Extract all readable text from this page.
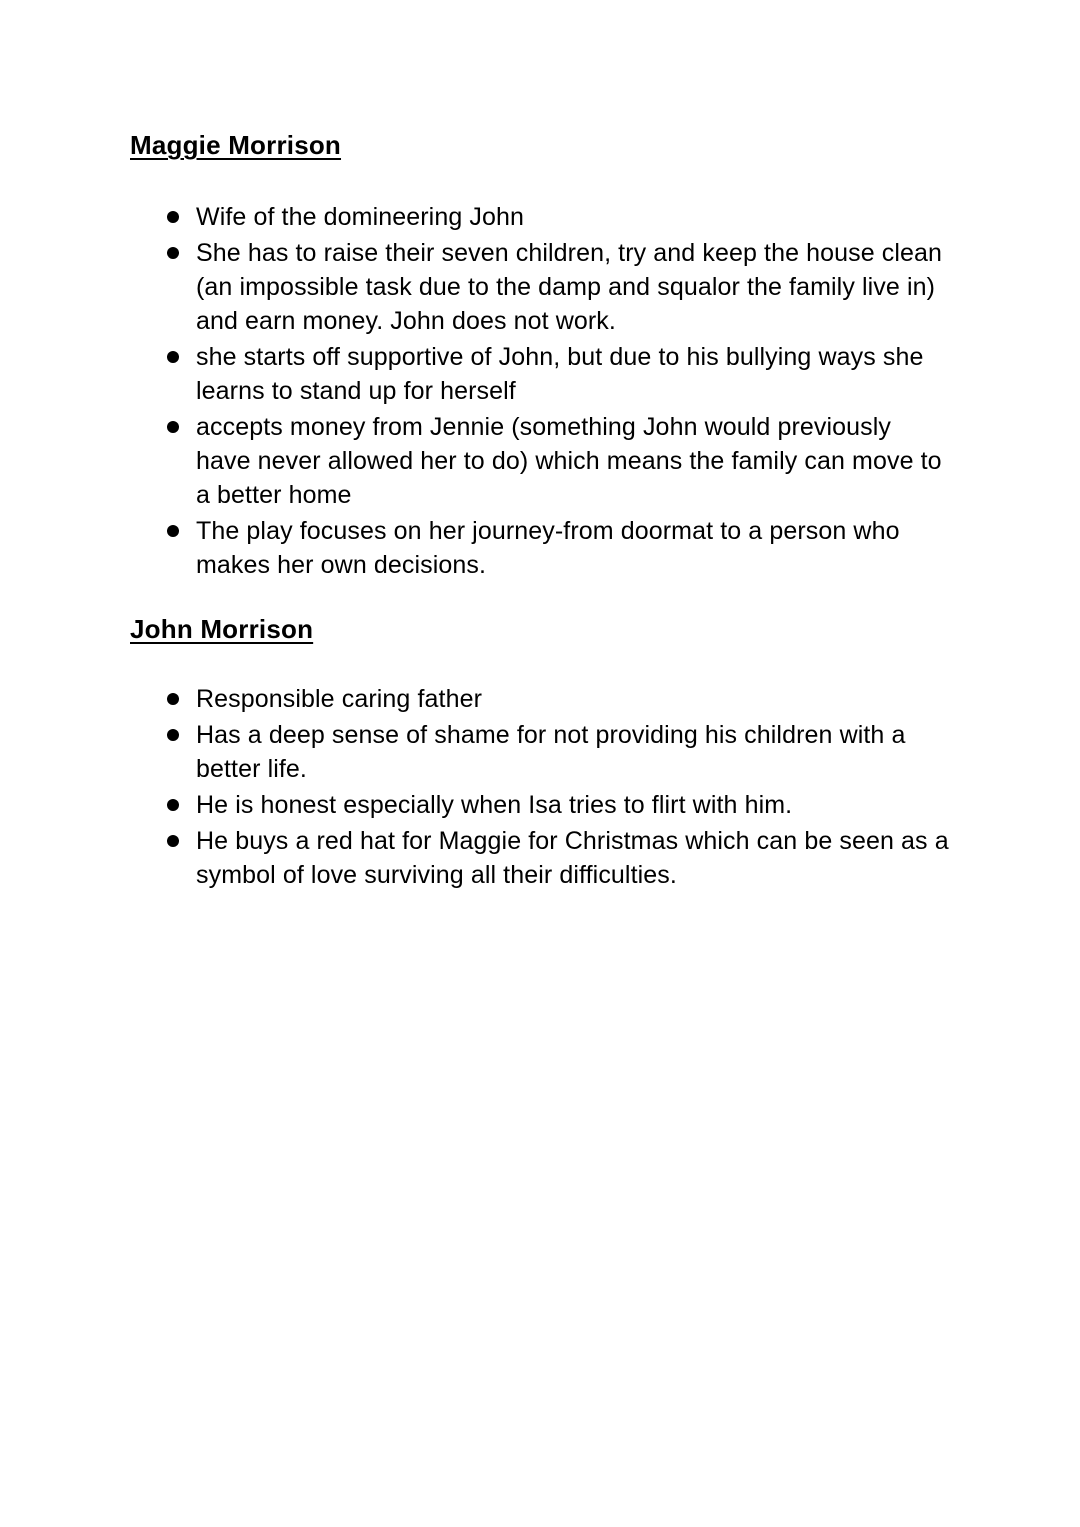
Maggie Morrison
Wife of the domineering John
She has to raise their seven children, try and keep the house clean (an impossible task due to the damp and squalor the family live in) and earn money. John does not work.
she starts off supportive of John, but due to his bullying ways she learns to stand up for herself
accepts money from Jennie (something John would previously have never allowed her to do) which means the family can move to a better home
The play focuses on her journey-from doormat to a person who makes her own decisions.
John Morrison
Responsible caring father
Has a deep sense of shame for not providing his children with a better life.
He is honest especially when Isa tries to flirt with him.
He buys a red hat for Maggie for Christmas which can be seen as a symbol of love surviving all their difficulties.
